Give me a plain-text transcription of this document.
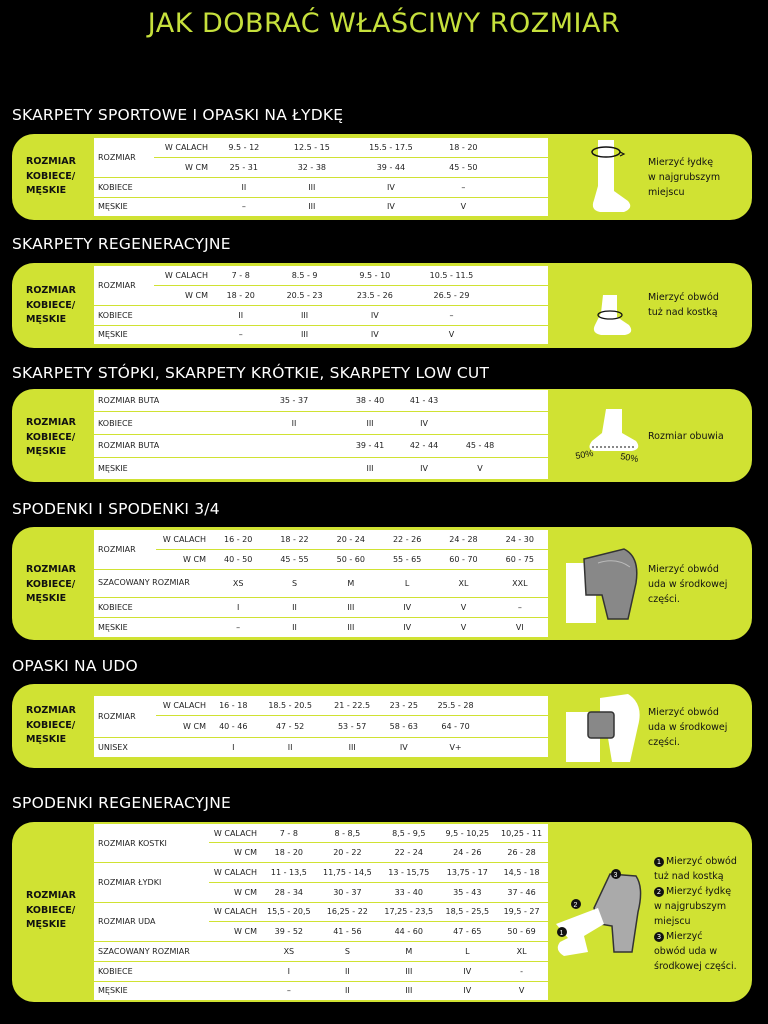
JAK DOBRAĆ WŁAŚCIWY ROZMIAR
SKARPETY SPORTOWE I OPASKI NA ŁYDKĘ
ROZMIAR
KOBIECE/
MĘSKIE
ROZMIAR	W CALACH	9.5 - 12	12.5 - 15	15.5 - 17.5	18 - 20	
	W CM	25 - 31	32 - 38	39 - 44	45 - 50	
KOBIECE		II	III	IV	–	
MĘSKIE		–	III	IV	V	
Mierzyć łydkę
w najgrubszym
miejscu
SKARPETY REGENERACYJNE
ROZMIAR
KOBIECE/
MĘSKIE
ROZMIAR	W CALACH	7 - 8	8.5 - 9	9.5 - 10	10.5 - 11.5	
	W CM	18 - 20	20.5 - 23	23.5 - 26	26.5 - 29	
KOBIECE		II	III	IV	–	
MĘSKIE		–	III	IV	V	
Mierzyć obwód
tuż nad kostką
SKARPETY STÓPKI, SKARPETY KRÓTKIE, SKARPETY LOW CUT
ROZMIAR
KOBIECE/
MĘSKIE
ROZMIAR BUTA	35 - 37	38 - 40	41 - 43		
KOBIECE	II	III	IV		
ROZMIAR BUTA		39 - 41	42 - 44	45 - 48	
MĘSKIE		III	IV	V	
50%	50%
Rozmiar obuwia
SPODENKI I SPODENKI 3/4
ROZMIAR
KOBIECE/
MĘSKIE
ROZMIAR	W CALACH	16 - 20	18 - 22	20 - 24	22 - 26	24 - 28	24 - 30
	W CM	40 - 50	45 - 55	50 - 60	55 - 65	60 - 70	60 - 75
SZACOWANY ROZMIAR		XS	S	M	L	XL	XXL
KOBIECE		I	II	III	IV	V	–
MĘSKIE		–	II	III	IV	V	VI
Mierzyć obwód
uda w środkowej
części.
OPASKI NA UDO
ROZMIAR
KOBIECE/
MĘSKIE
ROZMIAR	W CALACH	16 - 18	18.5 - 20.5	21 - 22.5	23 - 25	25.5 - 28	
	W CM	40 - 46	47 - 52	53 - 57	58 - 63	64 - 70	
UNISEX		I	II	III	IV	V+	
Mierzyć obwód
uda w środkowej
części.
SPODENKI REGENERACYJNE
ROZMIAR
KOBIECE/
MĘSKIE
ROZMIAR KOSTKI	W CALACH	7 - 8	8 - 8,5	8,5 - 9,5	9,5 - 10,25	10,25 - 11
	W CM	18 - 20	20 - 22	22 - 24	24 - 26	26 - 28
ROZMIAR ŁYDKI	W CALACH	11 - 13,5	11,75 - 14,5	13 - 15,75	13,75 - 17	14,5 - 18
	W CM	28 - 34	30 - 37	33 - 40	35 - 43	37 - 46
ROZMIAR UDA	W CALACH	15,5 - 20,5	16,25 - 22	17,25 - 23,5	18,5 - 25,5	19,5 - 27
	W CM	39 - 52	41 - 56	44 - 60	47 - 65	50 - 69
SZACOWANY ROZMIAR		XS	S	M	L	XL
KOBIECE		I	II	III	IV	-
MĘSKIE		–	II	III	IV	V
1
2
3
1 Mierzyć obwód
tuż nad kostką
2 Mierzyć łydkę
w najgrubszym
miejscu
3 Mierzyć
obwód uda w
środkowej części.
